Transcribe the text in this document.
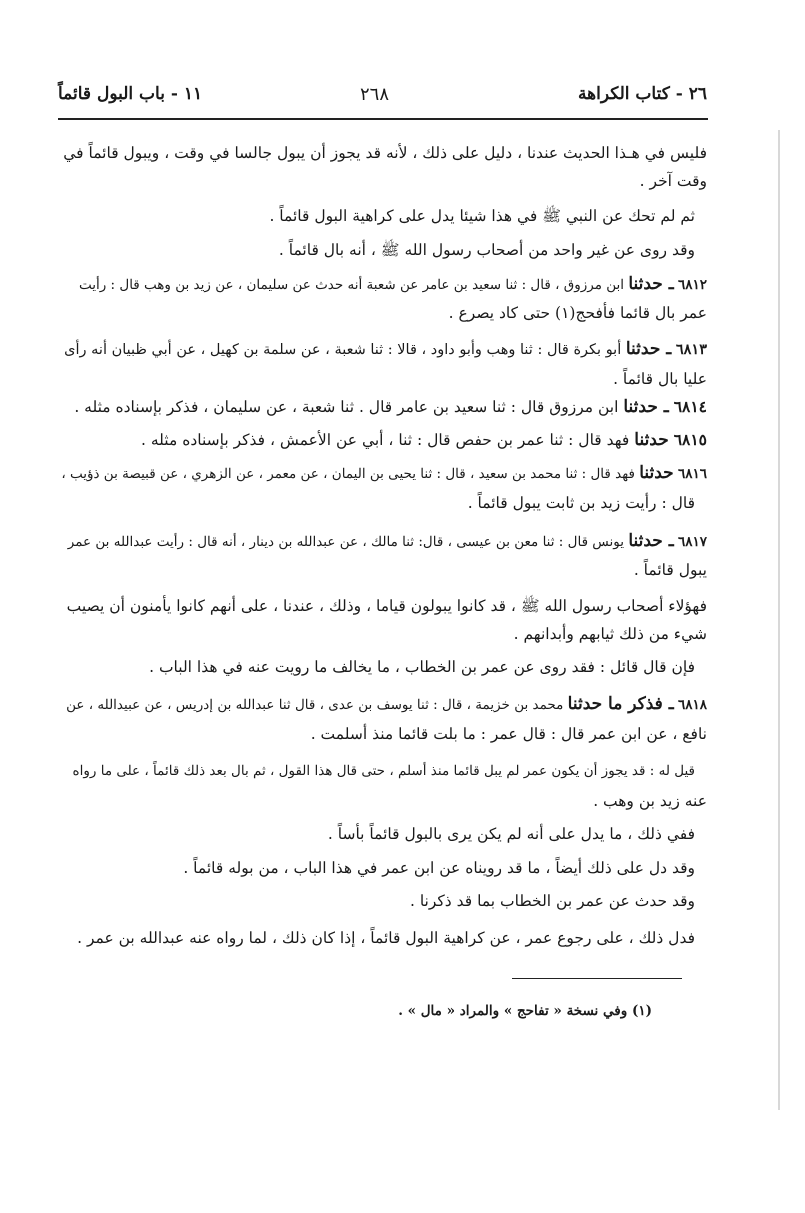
٢٦ - كتاب الكراهة
٢٦٨
١١ - باب البول قائماً
فليس في هـذا الحديث عندنا ، دليل على ذلك ، لأنه قد يجوز أن يبول جالسا في وقت ، ويبول قائماً في
وقت آخر .
ثم لم تحك عن النبي ﷺ في هذا شيئا يدل على كراهية البول قائماً .
وقد روى عن غير واحد من أصحاب رسول الله ﷺ ، أنه بال قائماً .
٦٨١٢ ـ حدثنا ابن مرزوق ، قال : ثنا سعيد بن عامر عن شعبة أنه حدث عن سليمان ، عن زيد بن وهب قال : رأيت
عمر بال قائما فأفحج(١) حتى كاد يصرع .
٦٨١٣ ـ حدثنا أبو بكرة قال : ثنا وهب وأبو داود ، قالا : ثنا شعبة ، عن سلمة بن كهيل ، عن أبي ظبيان أنه رأى
عليا بال قائماً .
٦٨١٤ ـ حدثنا ابن مرزوق قال : ثنا سعيد بن عامر قال . ثنا شعبة ، عن سليمان ، فذكر بإسناده مثله .
٦٨١٥ حدثنا فهد قال : ثنا عمر بن حفص قال : ثنا ، أبي عن الأعمش ، فذكر بإسناده مثله .
٦٨١٦ حدثنا فهد قال : ثنا محمد بن سعيد ، قال : ثنا يحيى بن اليمان ، عن معمر ، عن الزهري ، عن قبيصة بن ذؤيب ،
قال : رأيت زيد بن ثابت يبول قائماً .
٦٨١٧ ـ حدثنا يونس قال : ثنا معن بن عيسى ، قال: ثنا مالك ، عن عبدالله بن دينار ، أنه قال : رأيت عبدالله بن عمر
يبول قائماً .
فهؤلاء أصحاب رسول الله ﷺ ، قد كانوا يبولون قياما ، وذلك ، عندنا ، على أنهم كانوا يأمنون أن يصيب
شيء من ذلك ثيابهم وأبدانهم .
فإن قال قائل : فقد روى عن عمر بن الخطاب ، ما يخالف ما رويت عنه في هذا الباب .
٦٨١٨ ـ فذكر ما حدثنا محمد بن خزيمة ، قال : ثنا يوسف بن عدى ، قال ثنا عبدالله بن إدريس ، عن عبيدالله ، عن
نافع ، عن ابن عمر قال : قال عمر : ما بلت قائما منذ أسلمت .
قيل له : قد يجوز أن يكون عمر لم يبل قائما منذ أسلم ، حتى قال هذا القول ، ثم بال بعد ذلك قائماً ، على ما رواه
عنه زيد بن وهب .
ففي ذلك ، ما يدل على أنه لم يكن يرى بالبول قائماً بأساً .
وقد دل على ذلك أيضاً ، ما قد رويناه عن ابن عمر في هذا الباب ، من بوله قائماً .
وقد حدث عن عمر بن الخطاب بما قد ذكرنا .
فدل ذلك ، على رجوع عمر ، عن كراهية البول قائماً ، إذا كان ذلك ، لما رواه عنه عبدالله بن عمر .
(١) وفي نسخة « تفاحج » والمراد « مال » .
